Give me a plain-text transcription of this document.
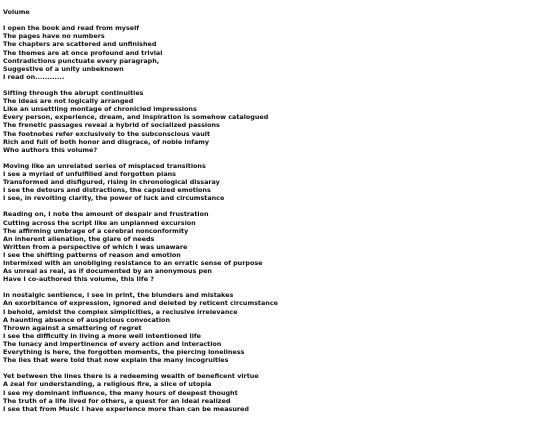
Volume
I open the book and read from myself
The pages have no numbers
The chapters are scattered and unfinished
The themes are at once profound and trivial
Contradictions punctuate every paragraph,
Suggestive of a unity unbeknown
I read on............
Sifting through the abrupt continuities
The ideas are not logically arranged
Like an unsettling montage of chronicled impressions
Every person, experience, dream, and inspiration is somehow catalogued
The frenetic passages reveal a hybrid of socialized passions
The footnotes refer exclusively to the subconscious vault
Rich and full of both honor and disgrace, of noble infamy
Who authors this volume?
Moving like an unrelated series of misplaced transitions
I see a myriad of unfulfilled and forgotten plans
Transformed and disfigured, rising in chronological dissaray
I see the detours and distractions, the capsized emotions
I see, in revolting clarity, the power of luck and circumstance
Reading on, I note the amount of despair and frustration
Cutting across the script like an unplanned excursion
The affirming umbrage of a cerebral nonconformity
An inherent alienation, the glare of needs
Written from a perspective of which I was unaware
I see the shifting patterns of reason and emotion
Intermixed with an unobliging resistance to an erratic sense of purpose
As unreal as real, as if documented by an anonymous pen
Have I co-authored this volume, this life ?
In nostalgic sentience, I see in print, the blunders and mistakes
An exorbitance of expression, ignored and deleted by reticent circumstance
I behold, amidst the complex simplicities, a reclusive irrelevance
A haunting absence of auspicious convocation
Thrown against a smattering of regret
I see the difficulty in living a more well intentioned life
The lunacy and impertinence of every action and interaction
Everything is here, the forgotten moments, the piercing loneliness
The lies that were told that now explain the many incogruities
Yet between the lines there is a redeeming wealth of beneficent virtue
A zeal for understanding, a religious fire, a slice of utopia
I see my dominant influence, the many hours of deepest thought
The truth of a life lived for others, a quest for an Ideal realized
I see that from Music I have experience more than can be measured
